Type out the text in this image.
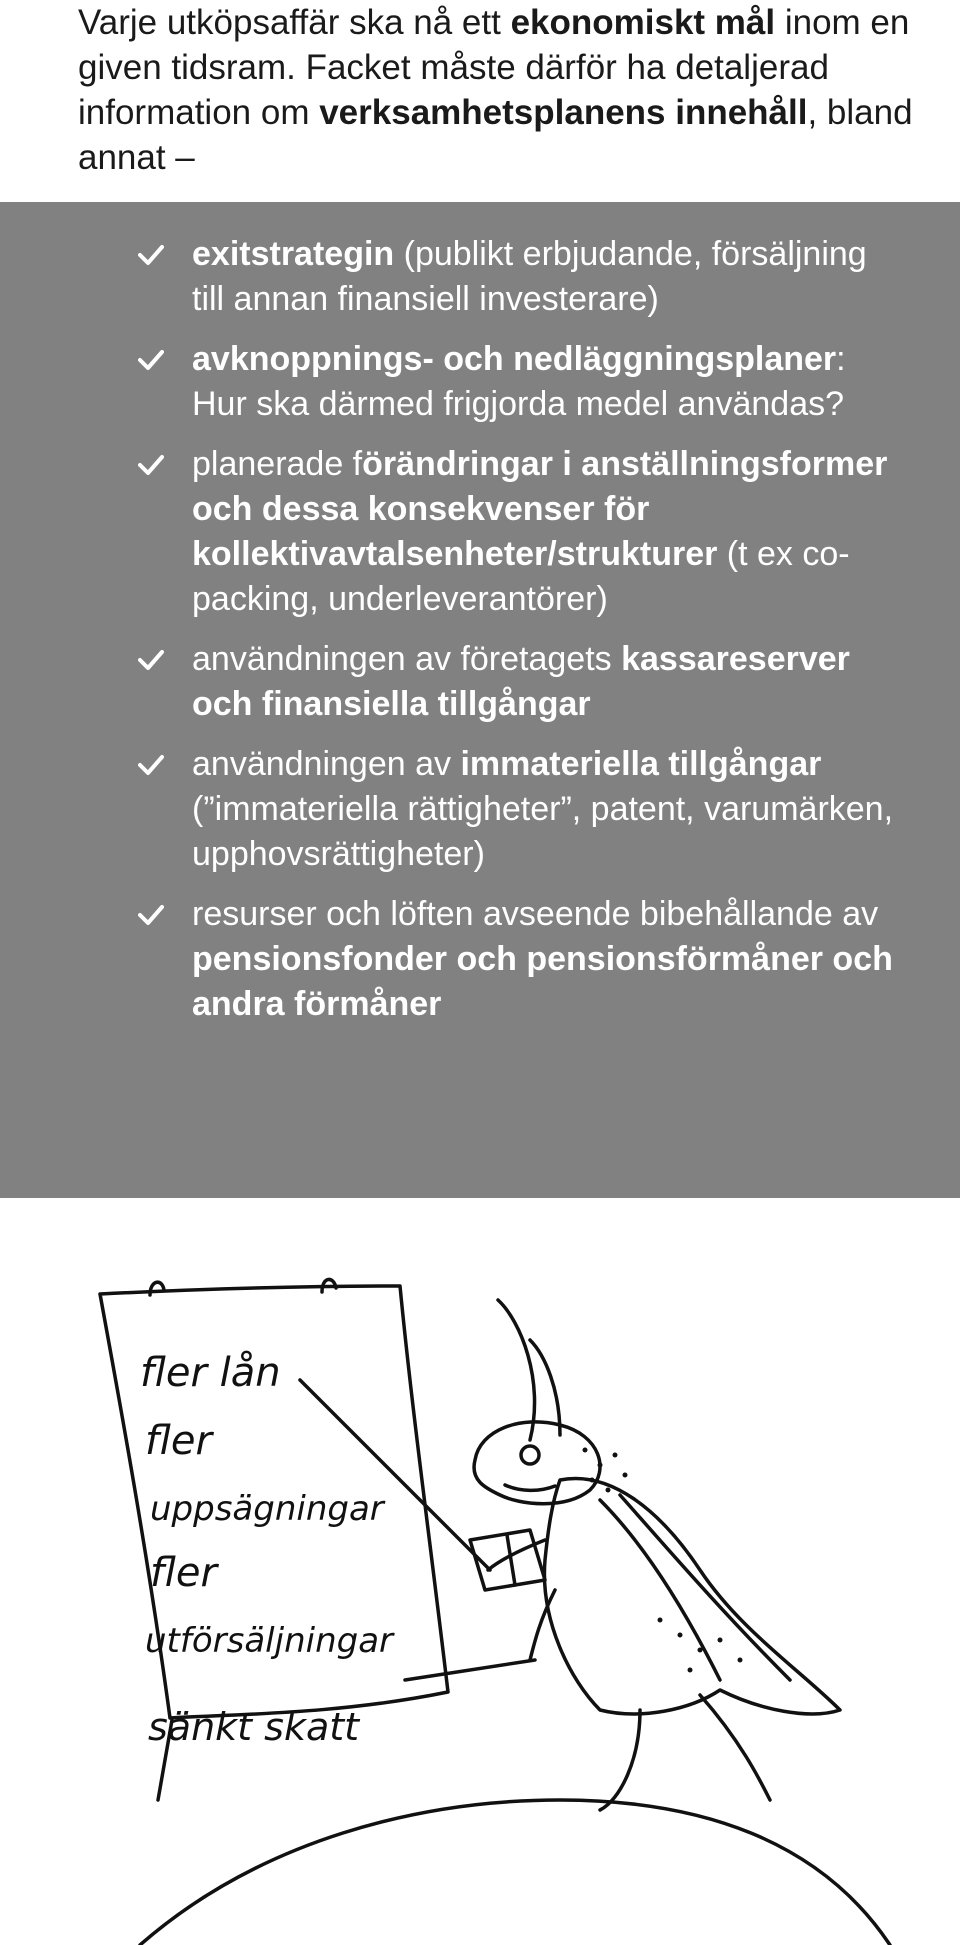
Varje utköpsaffär ska nå ett ekonomiskt mål inom en given tidsram. Facket måste därför ha detaljerad information om verksamhetsplanens innehåll, bland annat –
exitstrategin (publikt erbjudande, försäljning till annan finansiell investerare)
avknoppnings- och nedläggningsplaner: Hur ska därmed frigjorda medel användas?
planerade förändringar i anställningsformer och dessa konsekvenser för kollektivavtalsenheter/strukturer (t ex co-packing, underleverantörer)
användningen av företagets kassareserver och finansiella tillgångar
användningen av immateriella tillgångar (”immateriella rättigheter”, patent, varumärken, upphovsrättigheter)
resurser och löften avseende bibehållande av pensionsfonder och pensionsförmåner och andra förmåner
fler lån
fler
uppsägningar
fler
utförsäljningar
sänkt skatt
